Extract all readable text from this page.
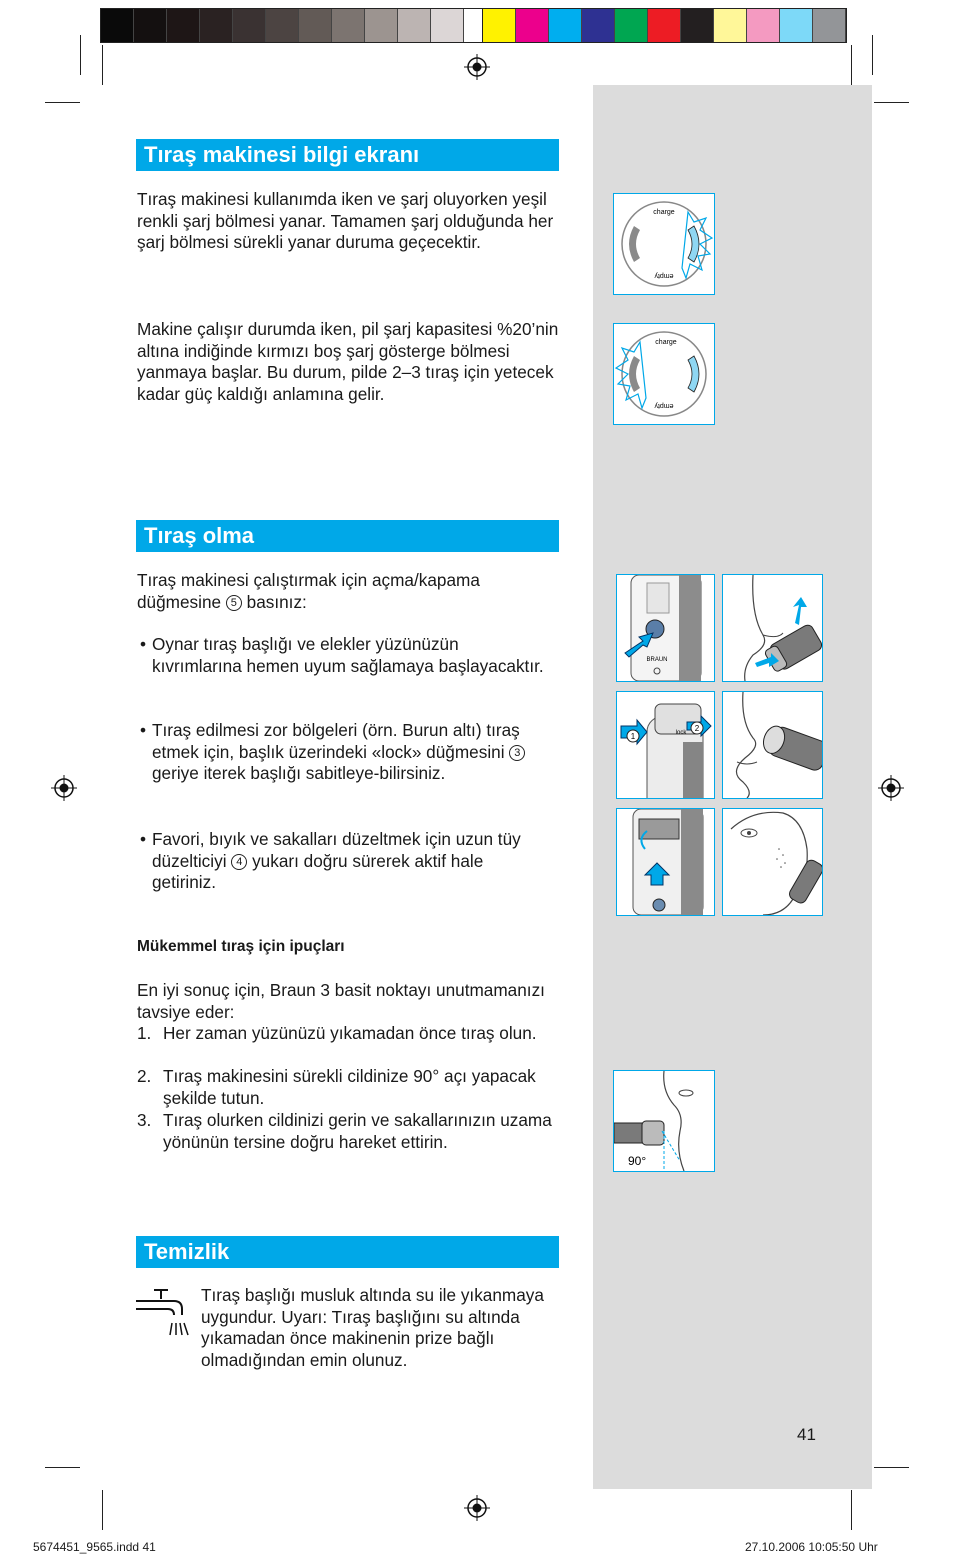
Tıraş makinesi bilgi ekranı

Tıraş makinesi kullanımda iken ve şarj oluyorken yeşil renkli şarj bölmesi yanar. Tamamen şarj olduğunda her şarj bölmesi sürekli yanar duruma geçecektir.

Makine çalışır durumda iken, pil şarj kapasitesi %20’nin altına indiğinde kırmızı boş şarj gösterge bölmesi yanmaya başlar. Bu durum, pilde 2–3 tıraş için yetecek kadar güç kaldığı anlamına gelir.

Tıraş olma

Tıraş makinesi çalıştırmak için açma/kapama düğmesine 5 basınız:

• Oynar tıraş başlığı ve elekler yüzünüzün kıvrımlarına hemen uyum sağlamaya başlayacaktır.
• Tıraş edilmesi zor bölgeleri (örn. Burun altı) tıraş etmek için, başlık üzerindeki «lock» düğmesini 3 geriye iterek başlığı sabitleye-bilirsiniz.
• Favori, bıyık ve sakalları düzeltmek için uzun tüy düzelticiyi 4 yukarı doğru sürerek aktif hale getiriniz.
Mükemmel tıraş için ipuçları

En iyi sonuç için, Braun 3 basit noktayı unutmamanızı tavsiye eder:

1. Her zaman yüzünüzü yıkamadan önce tıraş olun.
2. Tıraş makinesini sürekli cildinize 90° açı yapacak şekilde tutun.
3. Tıraş olurken cildinizi gerin ve sakallarınızın uzama yönünün tersine doğru hareket ettirin.
Temizlik

Tıraş başlığı musluk altında su ile yıkanmaya uygundur. Uyarı: Tıraş başlığını su altında yıkamadan önce makinenin prize bağlı olmadığından emin olunuz.

charge
empty
charge
empty
BRAUN
1
2
lock
90°
41
5674451_9565.indd 41	27.10.2006 10:05:50 Uhr
